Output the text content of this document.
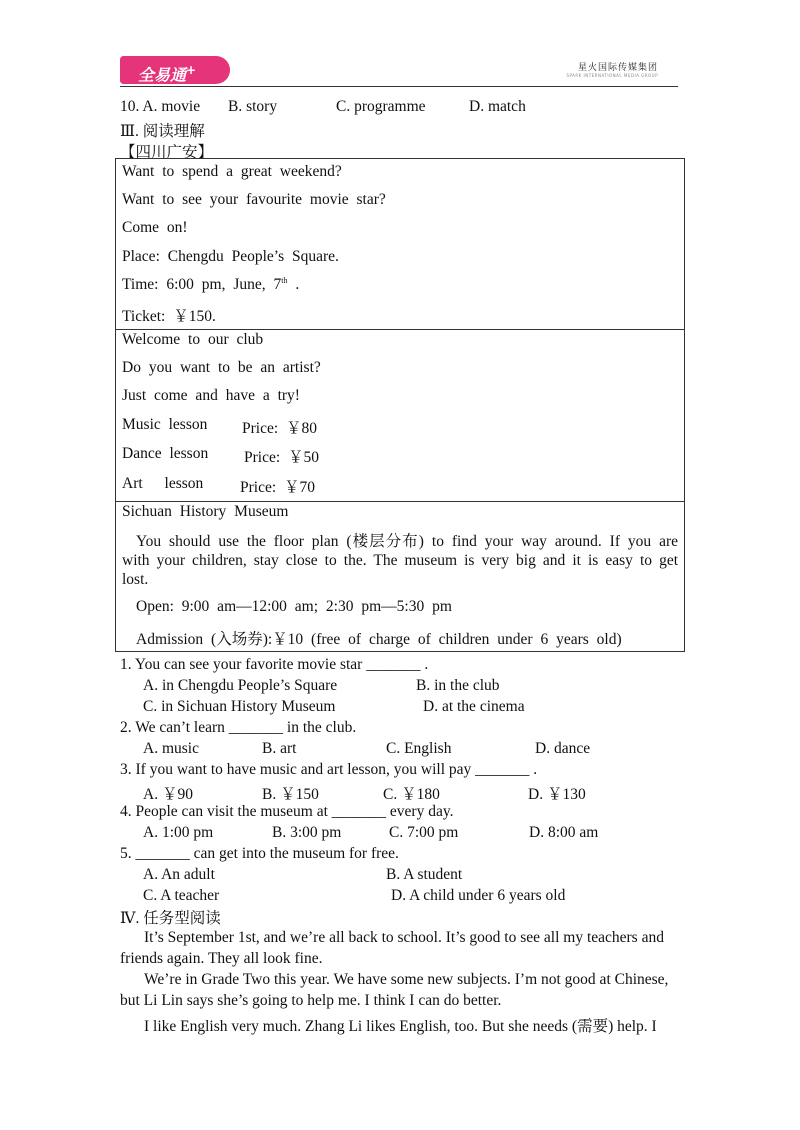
全易通+	星火国际传媒集团
SPARK INTERNATIONAL MEDIA GROUP
10. A. movie B. story	C. programme	D. match
Ⅲ. 阅读理解
【四川广安】
Want to spend a great weekend?
Want to see your favourite movie star?
Come on!
Place: Chengdu People’s Square.
Time: 6:00 pm, June, 7th .
Ticket: ￥150.
Welcome to our club
Do you want to be an artist?
Just come and have a try!
Music lesson Price: ￥80
Dance lesson Price: ￥50
Art lesson Price: ￥70
Sichuan History Museum
You should use the floor plan (楼层分布) to find your way around. If you are with your children, stay close to the. The museum is very big and it is easy to get lost.
Open: 9:00 am—12:00 am; 2:30 pm—5:30 pm
Admission (入场券):￥10 (free of charge of children under 6 years old)
1. You can see your favorite movie star _______ .
A. in Chengdu People’s Square	B. in the club
C. in Sichuan History Museum	D. at the cinema
2. We can’t learn _______ in the club.
A. music	B. art	C. English	D. dance
3. If you want to have music and art lesson, you will pay _______ .
A. ￥90	B. ￥150	C. ￥180	D. ￥130
4. People can visit the museum at _______ every day.
A. 1:00 pm	B. 3:00 pm	C. 7:00 pm	D. 8:00 am
5. _______ can get into the museum for free.
A. An adult	B. A student
C. A teacher	D. A child under 6 years old
Ⅳ. 任务型阅读
It’s September 1st, and we’re all back to school. It’s good to see all my teachers and
friends again. They all look fine.
We’re in Grade Two this year. We have some new subjects. I’m not good at Chinese,
but Li Lin says she’s going to help me. I think I can do better.
I like English very much. Zhang Li likes English, too. But she needs (需要) help. I
